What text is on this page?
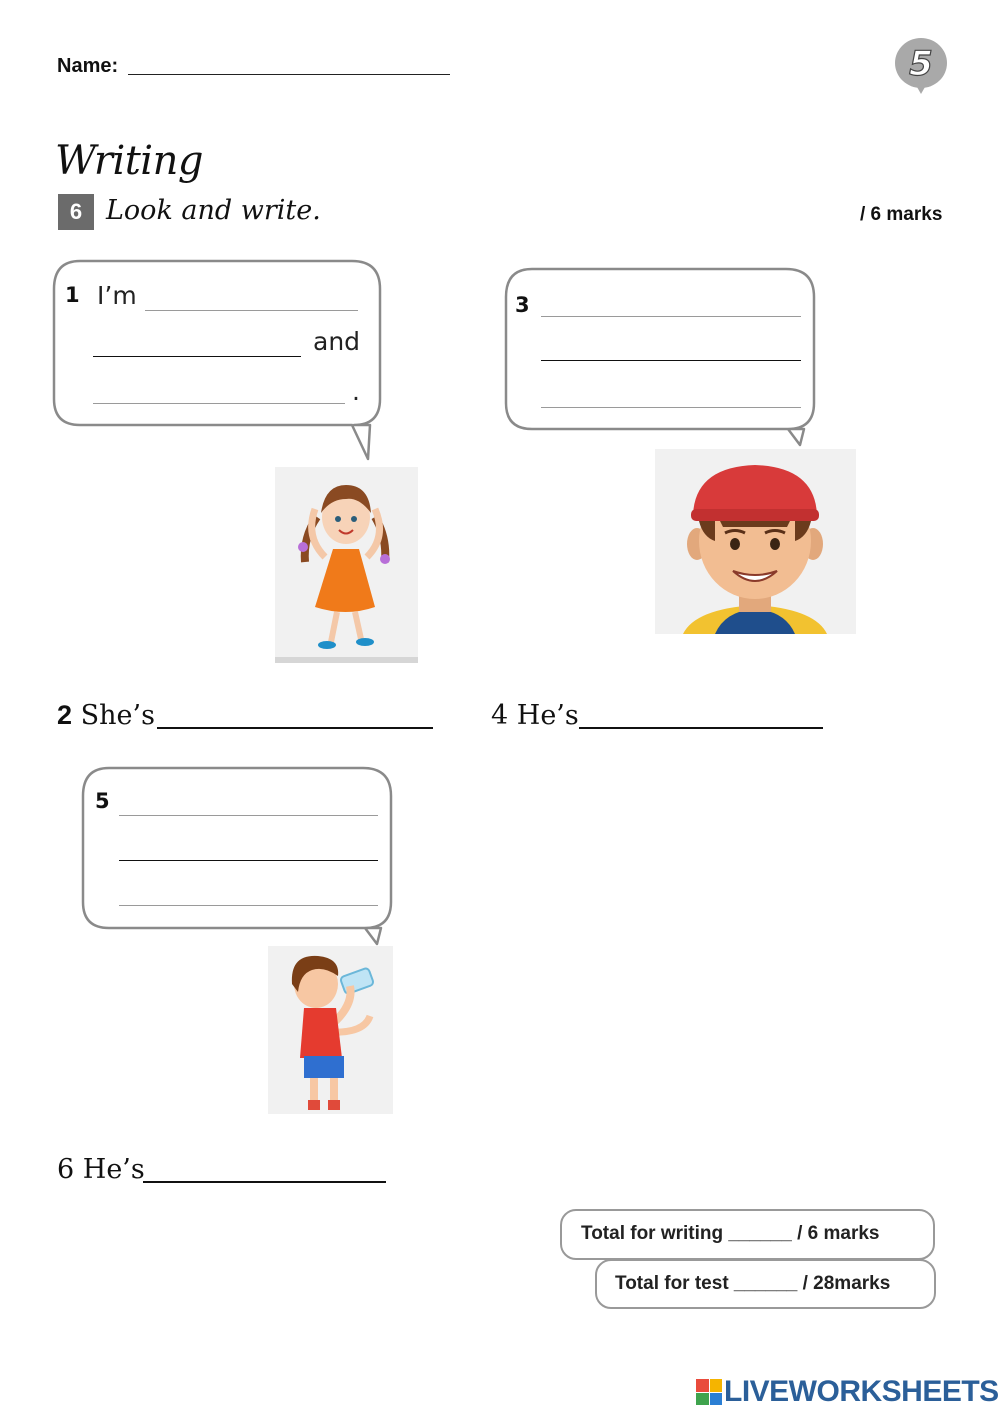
Name:	5
Writing
6 Look and write.	/ 6 marks
1 I’m
and
.
3
2 She’s	4 He’s
5
6 He’s
Total for writing ______ / 6 marks
Total for test ______ / 28marks
LIVEWORKSHEETS
